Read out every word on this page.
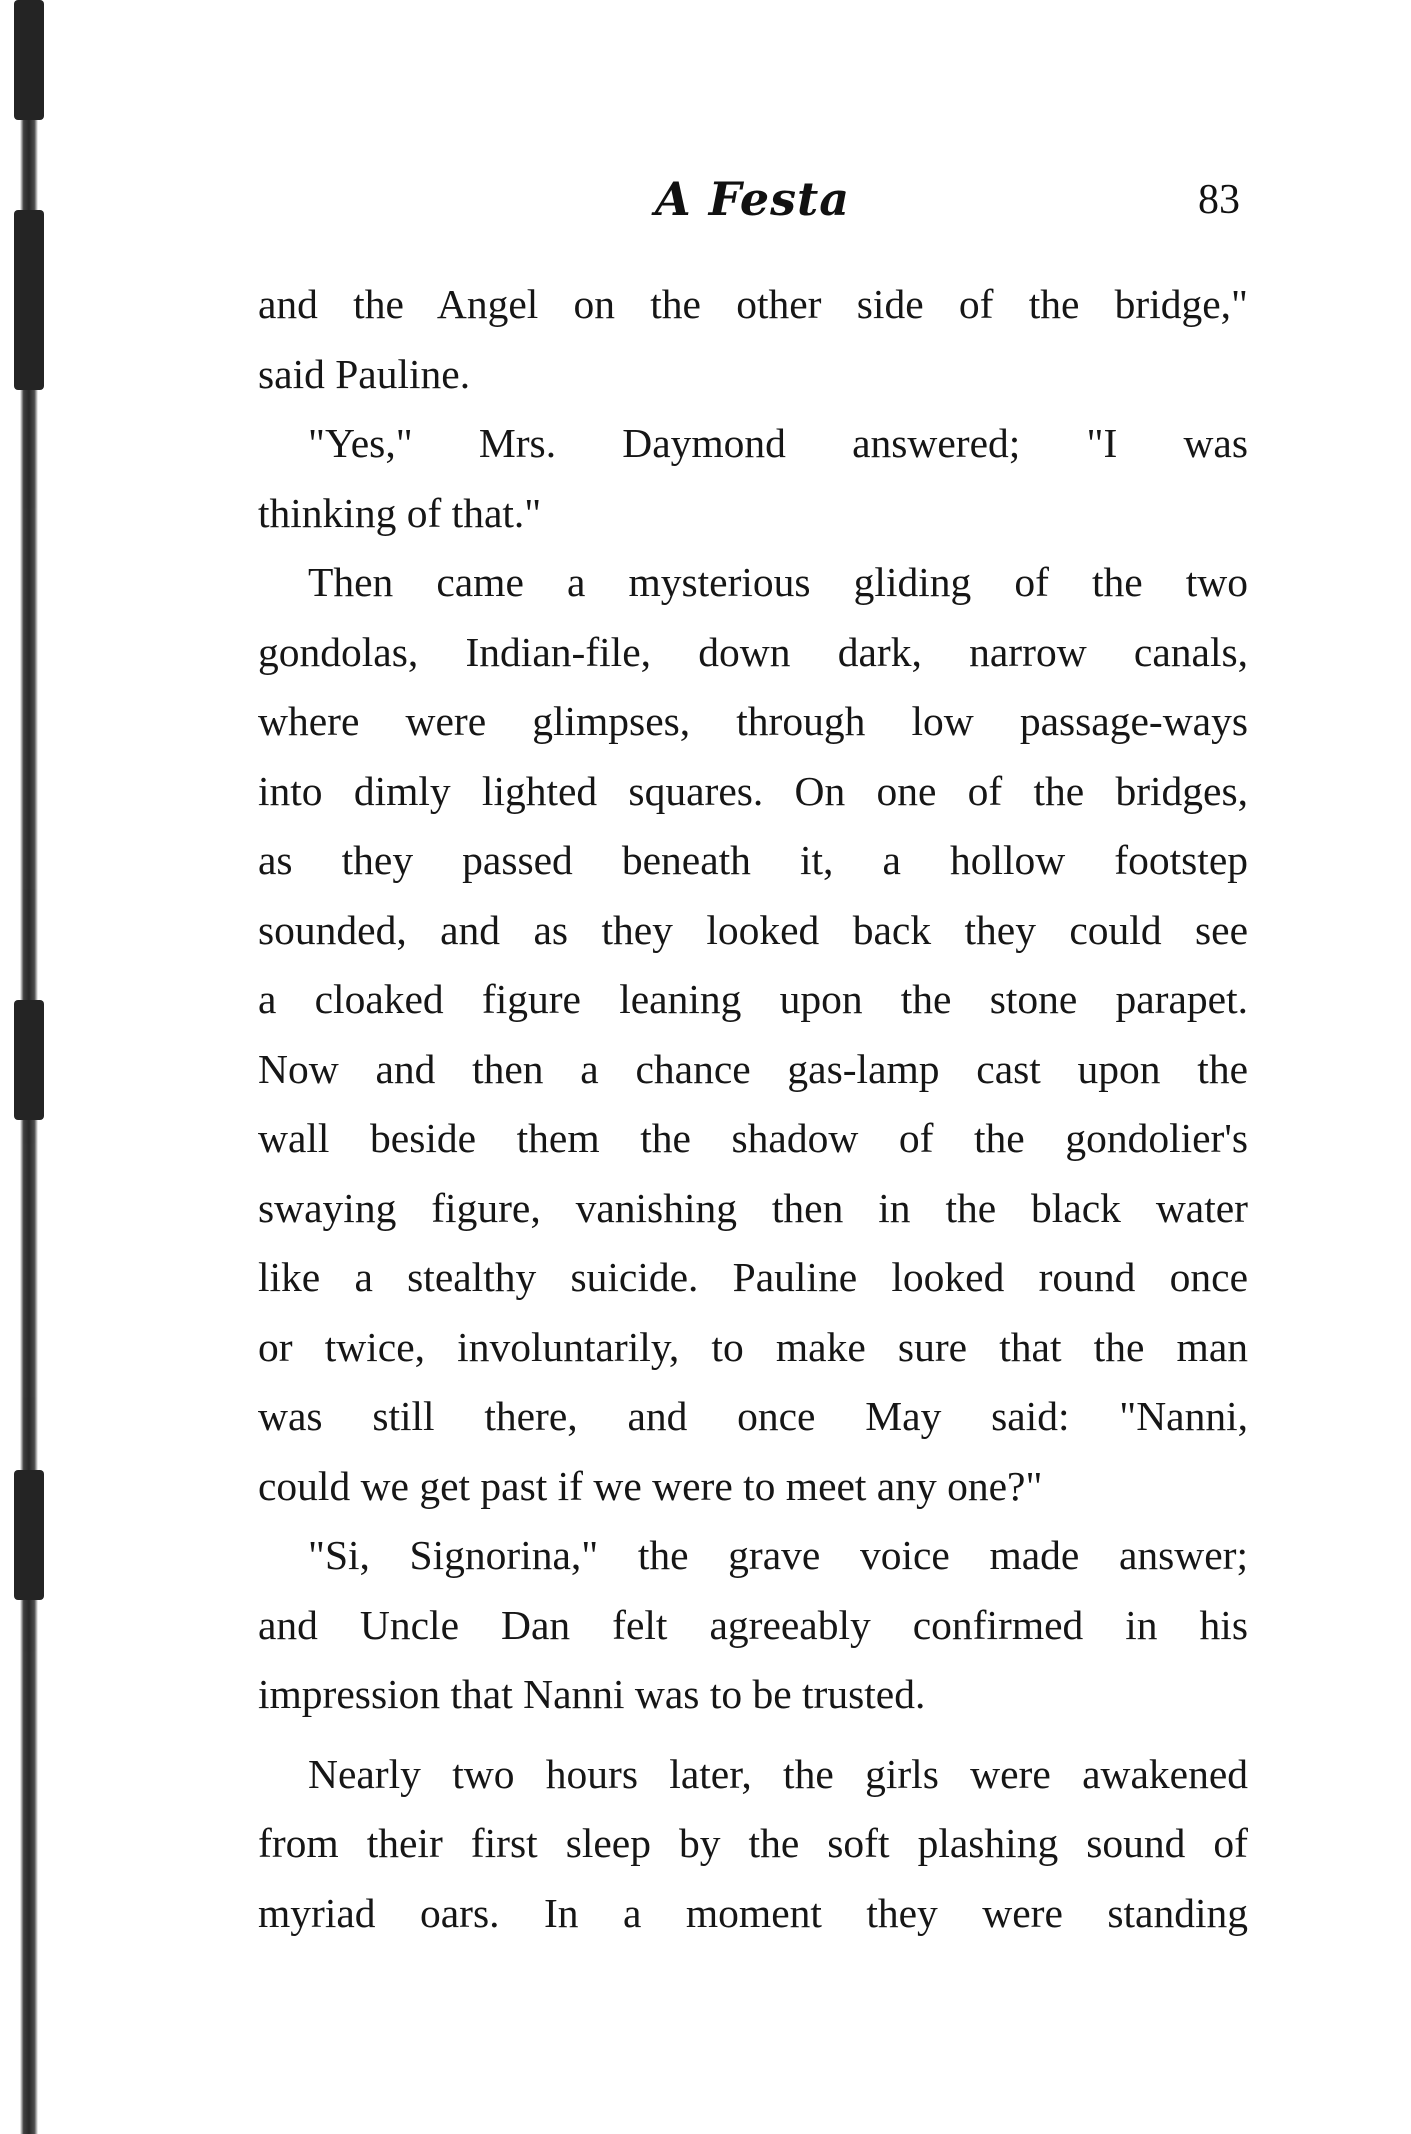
A Festa	83

and the Angel on the other side of the bridge,"
said Pauline.

"Yes," Mrs. Daymond answered; "I was
thinking of that."

Then came a mysterious gliding of the two
gondolas, Indian-file, down dark, narrow canals,
where were glimpses, through low passage-ways
into dimly lighted squares. On one of the bridges,
as they passed beneath it, a hollow footstep
sounded, and as they looked back they could see
a cloaked figure leaning upon the stone parapet.
Now and then a chance gas-lamp cast upon the
wall beside them the shadow of the gondolier's
swaying figure, vanishing then in the black water
like a stealthy suicide. Pauline looked round once
or twice, involuntarily, to make sure that the man
was still there, and once May said: "Nanni,
could we get past if we were to meet any one?"

"Si, Signorina," the grave voice made answer;
and Uncle Dan felt agreeably confirmed in his
impression that Nanni was to be trusted.

Nearly two hours later, the girls were awakened
from their first sleep by the soft plashing sound of
myriad oars. In a moment they were standing
